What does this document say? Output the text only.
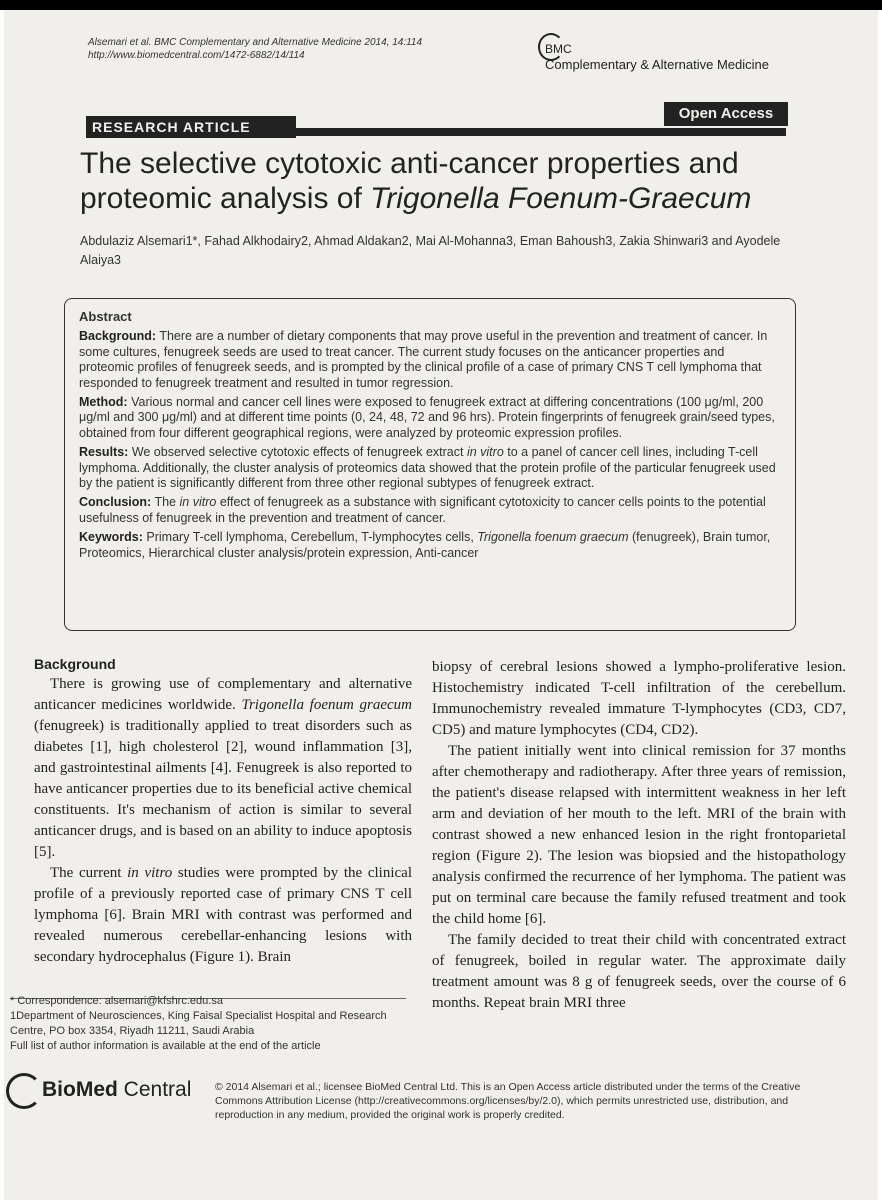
Alsemari et al. BMC Complementary and Alternative Medicine 2014, 14:114
http://www.biomedcentral.com/1472-6882/14/114	BMC
Complementary & Alternative Medicine
RESEARCH ARTICLE
Open Access
The selective cytotoxic anti-cancer properties and proteomic analysis of Trigonella Foenum-Graecum
Abdulaziz Alsemari1*, Fahad Alkhodairy2, Ahmad Aldakan2, Mai Al-Mohanna3, Eman Bahoush3, Zakia Shinwari3 and Ayodele Alaiya3
Abstract

Background: There are a number of dietary components that may prove useful in the prevention and treatment of cancer. In some cultures, fenugreek seeds are used to treat cancer. The current study focuses on the anticancer properties and proteomic profiles of fenugreek seeds, and is prompted by the clinical profile of a case of primary CNS T cell lymphoma that responded to fenugreek treatment and resulted in tumor regression.

Method: Various normal and cancer cell lines were exposed to fenugreek extract at differing concentrations (100 μg/ml, 200 μg/ml and 300 μg/ml) and at different time points (0, 24, 48, 72 and 96 hrs). Protein fingerprints of fenugreek grain/seed types, obtained from four different geographical regions, were analyzed by proteomic expression profiles.

Results: We observed selective cytotoxic effects of fenugreek extract in vitro to a panel of cancer cell lines, including T-cell lymphoma. Additionally, the cluster analysis of proteomics data showed that the protein profile of the particular fenugreek used by the patient is significantly different from three other regional subtypes of fenugreek extract.

Conclusion: The in vitro effect of fenugreek as a substance with significant cytotoxicity to cancer cells points to the potential usefulness of fenugreek in the prevention and treatment of cancer.

Keywords: Primary T-cell lymphoma, Cerebellum, T-lymphocytes cells, Trigonella foenum graecum (fenugreek), Brain tumor, Proteomics, Hierarchical cluster analysis/protein expression, Anti-cancer

Background

There is growing use of complementary and alternative anticancer medicines worldwide. Trigonella foenum graecum (fenugreek) is traditionally applied to treat disorders such as diabetes [1], high cholesterol [2], wound inflammation [3], and gastrointestinal ailments [4]. Fenugreek is also reported to have anticancer properties due to its beneficial active chemical constituents. It's mechanism of action is similar to several anticancer drugs, and is based on an ability to induce apoptosis [5].

The current in vitro studies were prompted by the clinical profile of a previously reported case of primary CNS T cell lymphoma [6]. Brain MRI with contrast was performed and revealed numerous cerebellar-enhancing lesions with secondary hydrocephalus (Figure 1). Brain

biopsy of cerebral lesions showed a lympho-proliferative lesion. Histochemistry indicated T-cell infiltration of the cerebellum. Immunochemistry revealed immature T-lymphocytes (CD3, CD7, CD5) and mature lymphocytes (CD4, CD2).

The patient initially went into clinical remission for 37 months after chemotherapy and radiotherapy. After three years of remission, the patient's disease relapsed with intermittent weakness in her left arm and deviation of her mouth to the left. MRI of the brain with contrast showed a new enhanced lesion in the right frontoparietal region (Figure 2). The lesion was biopsied and the histopathology analysis confirmed the recurrence of her lymphoma. The patient was put on terminal care because the family refused treatment and took the child home [6].

The family decided to treat their child with concentrated extract of fenugreek, boiled in regular water. The approximate daily treatment amount was 8 g of fenugreek seeds, over the course of 6 months. Repeat brain MRI three

* Correspondence: alsemari@kfshrc.edu.sa
1Department of Neurosciences, King Faisal Specialist Hospital and Research Centre, PO box 3354, Riyadh 11211, Saudi Arabia
Full list of author information is available at the end of the article
BioMed Central © 2014 Alsemari et al.; licensee BioMed Central Ltd. This is an Open Access article distributed under the terms of the Creative Commons Attribution License (http://creativecommons.org/licenses/by/2.0), which permits unrestricted use, distribution, and reproduction in any medium, provided the original work is properly credited.
